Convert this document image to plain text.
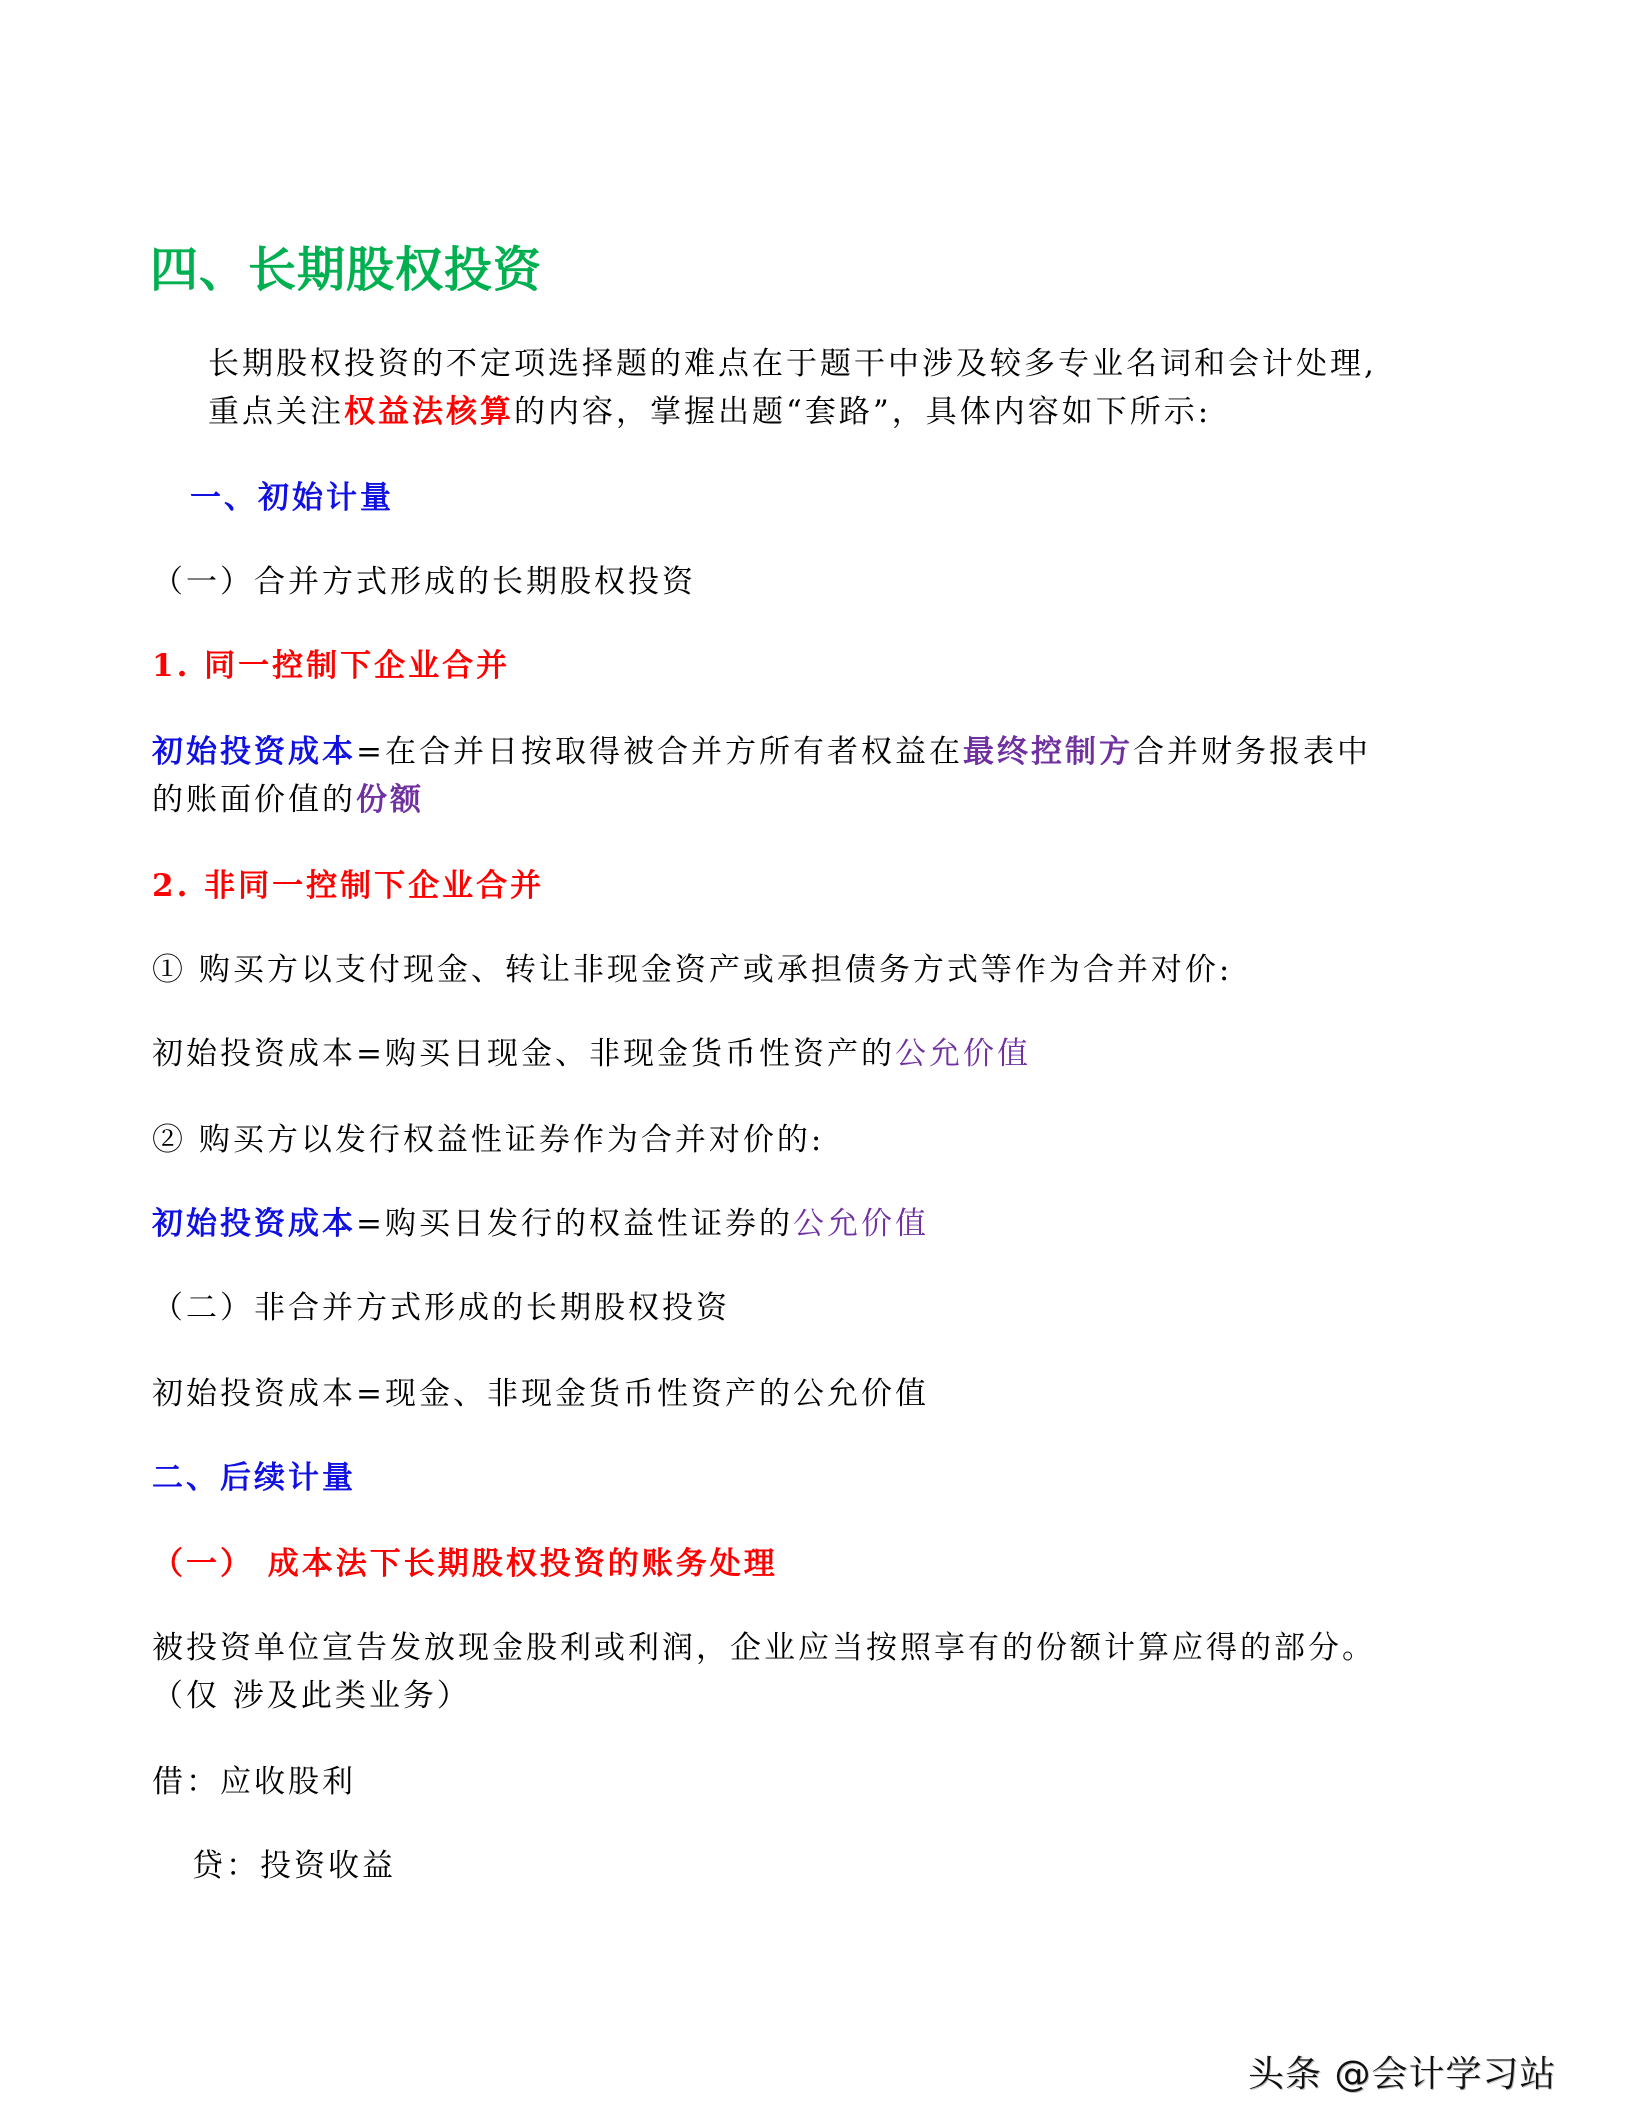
四、长期股权投资
长期股权投资的不定项选择题的难点在于题干中涉及较多专业名词和会计处理,
重点关注权益法核算的内容，掌握出题“套路”，具体内容如下所示:
一、初始计量
（一）合并方式形成的长期股权投资
1. 同一控制下企业合并
初始投资成本=在合并日按取得被合并方所有者权益在最终控制方合并财务报表中
的账面价值的份额
2. 非同一控制下企业合并
① 购买方以支付现金、转让非现金资产或承担债务方式等作为合并对价:
初始投资成本=购买日现金、非现金货币性资产的公允价值
② 购买方以发行权益性证券作为合并对价的:
初始投资成本=购买日发行的权益性证券的公允价值
（二）非合并方式形成的长期股权投资
初始投资成本=现金、非现金货币性资产的公允价值
二、后续计量
（一） 成本法下长期股权投资的账务处理
被投资单位宣告发放现金股利或利润，企业应当按照享有的份额计算应得的部分。
（仅 涉及此类业务）
借：应收股利
贷：投资收益
头条 @会计学习站
